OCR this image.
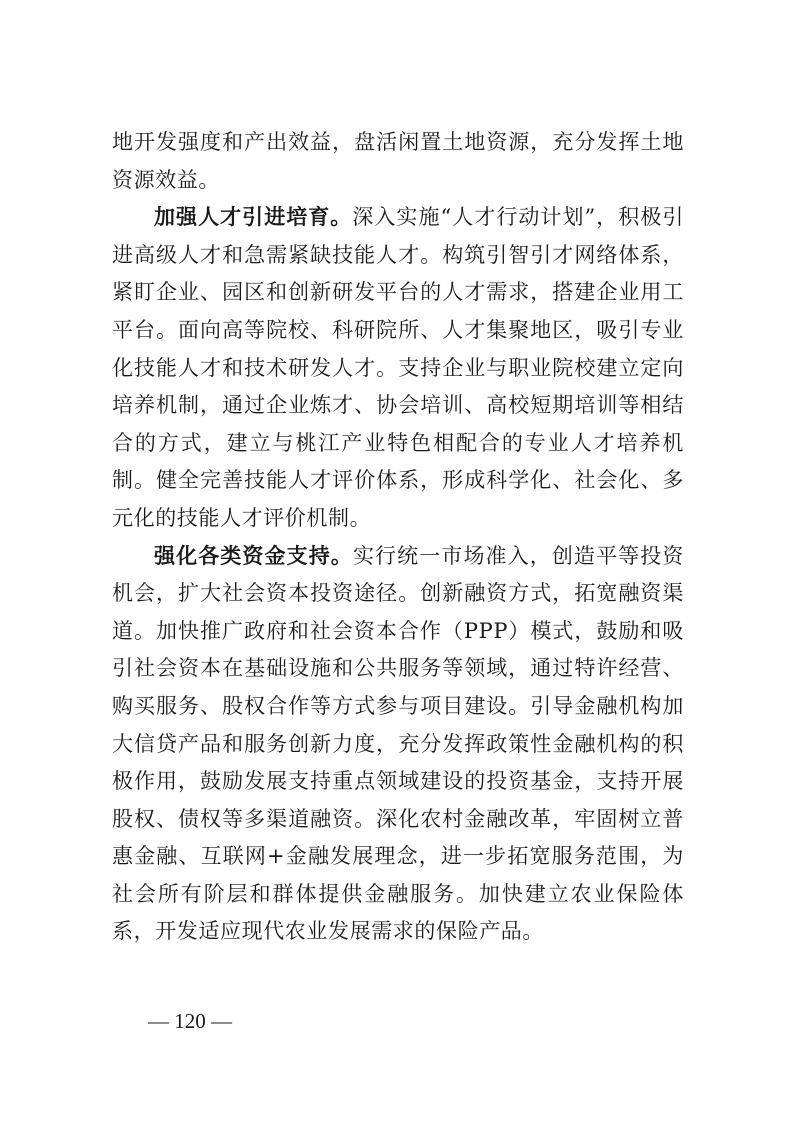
地开发强度和产出效益，盘活闲置土地资源，充分发挥土地资源效益。

加强人才引进培育。深入实施“人才行动计划”，积极引进高级人才和急需紧缺技能人才。构筑引智引才网络体系，紧盯企业、园区和创新研发平台的人才需求，搭建企业用工平台。面向高等院校、科研院所、人才集聚地区，吸引专业化技能人才和技术研发人才。支持企业与职业院校建立定向培养机制，通过企业炼才、协会培训、高校短期培训等相结合的方式，建立与桃江产业特色相配合的专业人才培养机制。健全完善技能人才评价体系，形成科学化、社会化、多元化的技能人才评价机制。

强化各类资金支持。实行统一市场准入，创造平等投资机会，扩大社会资本投资途径。创新融资方式，拓宽融资渠道。加快推广政府和社会资本合作（PPP）模式，鼓励和吸引社会资本在基础设施和公共服务等领域，通过特许经营、购买服务、股权合作等方式参与项目建设。引导金融机构加大信贷产品和服务创新力度，充分发挥政策性金融机构的积极作用，鼓励发展支持重点领域建设的投资基金，支持开展股权、债权等多渠道融资。深化农村金融改革，牢固树立普惠金融、互联网+金融发展理念，进一步拓宽服务范围，为社会所有阶层和群体提供金融服务。加快建立农业保险体系，开发适应现代农业发展需求的保险产品。

— 120 —
